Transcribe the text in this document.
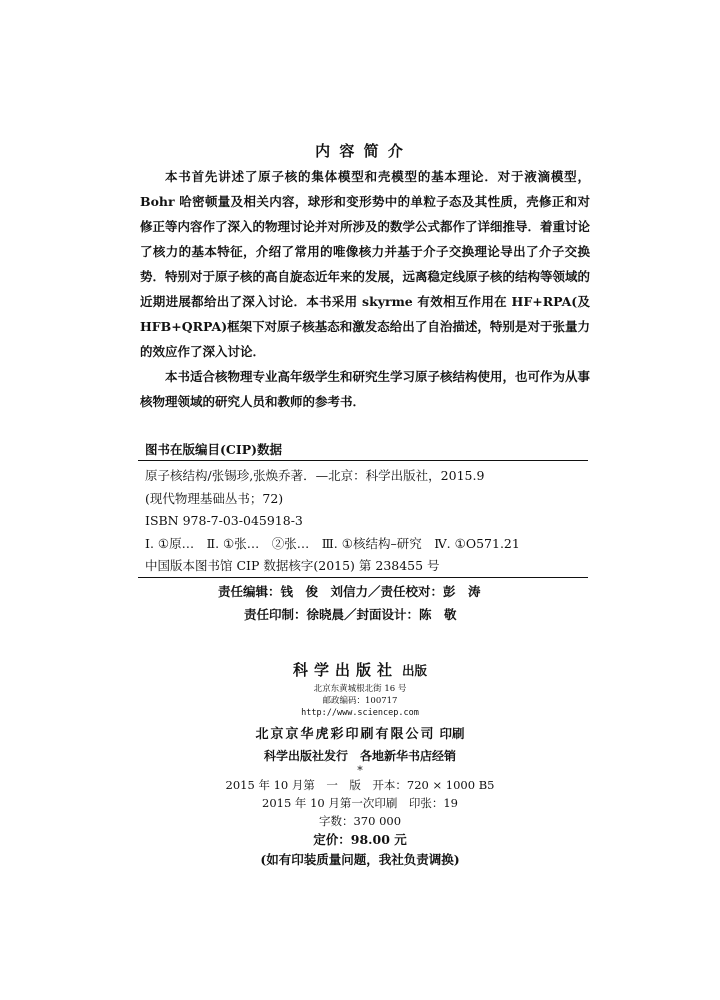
内 容 简 介

本书首先讲述了原子核的集体模型和壳模型的基本理论．对于液滴模型，Bohr 哈密顿量及相关内容，球形和变形势中的单粒子态及其性质，壳修正和对修正等内容作了深入的物理讨论并对所涉及的数学公式都作了详细推导．着重讨论了核力的基本特征，介绍了常用的唯像核力并基于介子交换理论导出了介子交换势．特别对于原子核的高自旋态近年来的发展，远离稳定线原子核的结构等领域的近期进展都给出了深入讨论．本书采用 skyrme 有效相互作用在 HF+RPA(及 HFB+QRPA)框架下对原子核基态和激发态给出了自治描述，特别是对于张量力的效应作了深入讨论．

本书适合核物理专业高年级学生和研究生学习原子核结构使用，也可作为从事核物理领域的研究人员和教师的参考书．

图书在版编目(CIP)数据
原子核结构/张锡珍,张焕乔著．—北京：科学出版社，2015.9
(现代物理基础丛书；72)
ISBN 978-7-03-045918-3
Ⅰ. ①原…　Ⅱ. ①张…　②张…　Ⅲ. ①核结构–研究　Ⅳ. ①O571.21
中国版本图书馆 CIP 数据核字(2015) 第 238455 号
责任编辑：钱　俊　刘信力／责任校对：彭　涛
责任印制：徐晓晨／封面设计：陈　敬
科学出版社 出版
北京东黄城根北街 16 号
邮政编码：100717
http://www.sciencep.com
北京京华虎彩印刷有限公司 印刷
科学出版社发行　各地新华书店经销
*
2015 年 10 月第　一　版　开本：720 × 1000 B5
2015 年 10 月第一次印刷　印张：19
字数：370 000
定价：98.00 元
(如有印装质量问题，我社负责调换)
